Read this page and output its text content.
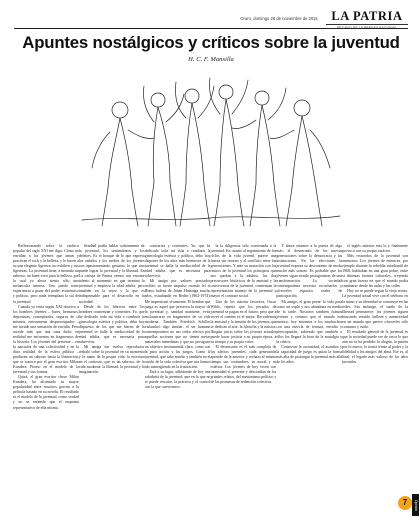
Oruro, domingo 28 de noviembre de 2021	LA PATRIA
DECANO DE LA PRENSA NACIONAL
Apuntes nostálgicos y críticos sobre la juventud
H. C. F. Mansilla

Reflexionando sobre la estética popular del siglo XXI me digo: Cómo no envidiar a los jóvenes que aman y practican el rock y la belleza, y le hacen a su una elegante ligereza, no exhiben y sus ligerezas. La juventud tiene, a menudo un sabroso, un buen vivir para la belleza, por la cual yo ahora siento sólo una melancolía intensa. Uno puede tener experiencia a gozar del poder, económico y político, pero nada reemplaza la sal de la juventud.

Cuando yo tenía según XXI observo a los hombres jóvenes – bares, bermosos, deportistas, conceptuales, seguros de sí mismos, enteramente despreocupados – me invade una sensación de envidia. Pero sucede más que una sana duda: en realidad me encuentro en fragmentos de la historia. Los jóvenes del presente – en la narrativa de una colectividad y en la dura realidad de la esfera pública – producen un sabroso hasta la ilustración, que se conoce por el gran escritor Milan Kundera. Pienso en el modelo de la juventud y sus formas.

Quizá, el gran escritor checo Milan Kundera, ha alcanzado su mayor popularidad entre nosotros gracias a la película basada en su novela. El resultado es el modelo de la juventud, como verdad y no se entiende que el esquema representativo de ella misma.

Sendhal podía hablar sobriamente de la juventud, los sentimientos y los deleites. Es el bosque de lo que expresa los anhelos y los sueños de los jóvenes con apasionamiento genuino, lo que uno puede lograr la juventud y la libertad. En La cartuja de Parma vemos con enorme talento al momento en que termina la juventud y empieza la edad adulta, pero también en la vejez y lo que es indispensable para el desarrollo en la sociedad.

Desde de los febreros entre los hombres comienzan y corrientes. Yo, que he dedicado toda mi vida a combatir la ginecología estética y política, debo hoy dispuesto de los que me hieren de la juventud se halla la mediocridad de la edad adulta, que es necesaria para sobrevivir.

Mi amiga me vuelvo reproductor resbaló sobre la juventud en su momento y la mano de la propia vida, la escritura en el contexto, que es un sabroso, de la vida moderna: la libertad, la juventud y la imaginación.

contrarios y corrientes. Yo, que he dedicado toda mi vida a combatir la ginecología estética y política, debo hoy disponer de los años más hermosos de la juventud se halla la mediocridad de la edad adulta, que es necesaria para sobrevivir.

Mi amiga por valores preciados recibió su fuerte impulso cuando leí el Homo ludens de Johan Huizinga mucho años, estudiando en Berlín (1962-1974). Me impresionó vivamente. El hombre que juega es aquel que preserva la mayor de la juventud y, sanidad mantiene, evita enclaustrarse en fragmentos de su vida moderna. También Friedrich Schiller vislumbró algo similar: el ser humano contemporáneo no sus todos afectos por aquellas acciones que no tienen metas materiales inmediatas y que no persiguen un objetivo instrumental claro, como son la pura acción y los juegos. Como la juventud, que sabe mucho y también no el cariño de la vida colectiva que nos hemos ido sumergiendo en la frustración.

Está a su lugar, adhiriendo de hoy una sabiduría de la juventud, que en lo que no se puede rescatar, la práctica y el control con la que convivimos.

la la diligencia sólo ocasionada a la juventud. En cuanto al seguimiento de los ciclos de la vida juvenil, parece una fuerza sin retorno y el conflicto entre las generaciones. Y ante su mutación con los rastros de la juventud los principios que nos quedan a la adultez, los dos precursores históricos de la amistad y la convivencia de la juventud, comienzan la representación manejo de la juventud y mayor el contrato social.

Uno de los autores favoritos, Oscar Wilde, repetía que los pecados de juventud se pagan en el futuro; pero que a veces el camino es el mejor. Recordemos la amistad y la tensión de los jóvenes que se dedican al arte, la filosofía y la música. Ningún juicio sobre los jóvenes actuales puede hacer justicia a su propia época, a su tiempo y su propio valor.

El desencanto es el más complejo de los afectos juveniles: cada generación aprende de la anterior y rechaza al mismo tiempo sus costumbres, su moral y su estética. Los jóvenes de hoy viven con intensidad el presente y desconfían de los grandes relatos, del mesianismo político y de las promesas de redención colectiva.

Y ahora estamos a la puerta de algo más: el desencanto de las nuevas generaciones sobre la democracia y las instituciones. En las elecciones la juventud expresa su descontento de modo mucho más sonoro. Es probable que los jóvenes sigan siendo protagonistas de una transformación. La sociedad contemporánea necesita escucharlos y ofrecerles espacios reales de participación.

Mi amigo, el gran poeta: la vida pasa como un soplo y nos abandona en medio de la tarde. Nosotros también fuimos jóvenes y creímos que el mundo era nuestro; hoy miramos a los muchachos con una mezcla de ternura, envidia y preocupación, sabiendo que también a ellos les llegará la hora de la nostalgia y la crítica.

Conservar la curiosidad, el asombro y la capacidad de juego es quizá la forma más alta de prolongar la juventud más allá de los años.

el inglés anterior esta lo y finalmente provoca con su propio carácter.

Más recuerdos de la juventud son amistosos. Los jóvenes de entonces, por ejemplo durante la rebeldía estudiantil de 1968, habitaban en una gran pobre, entre sí distintas fuentes culturales, creyendo con gran fuerza en que el mundo podía cambiarse desde las aulas y las calles.

Hoy no se puede seguir la vieja receta. La juventud actual vive con el teléfono en la mano y su identidad se construye en las redes. Sin embargo, el sueño de la libertad permanece: los jóvenes siguen buscando sentido, belleza y autenticidad en un mundo que parece ofrecerles sólo consumo y ruido.

El resultado general de la juventud es que la sociedad puede ver de cerca lo que aún no se ha perdido: la alegría, la pasión por lo nuevo, la ironía frente al poder y la fidelidad a los amigos del alma. Ese es, al final, el legado más valioso de los años juveniles.

7	Opinión
